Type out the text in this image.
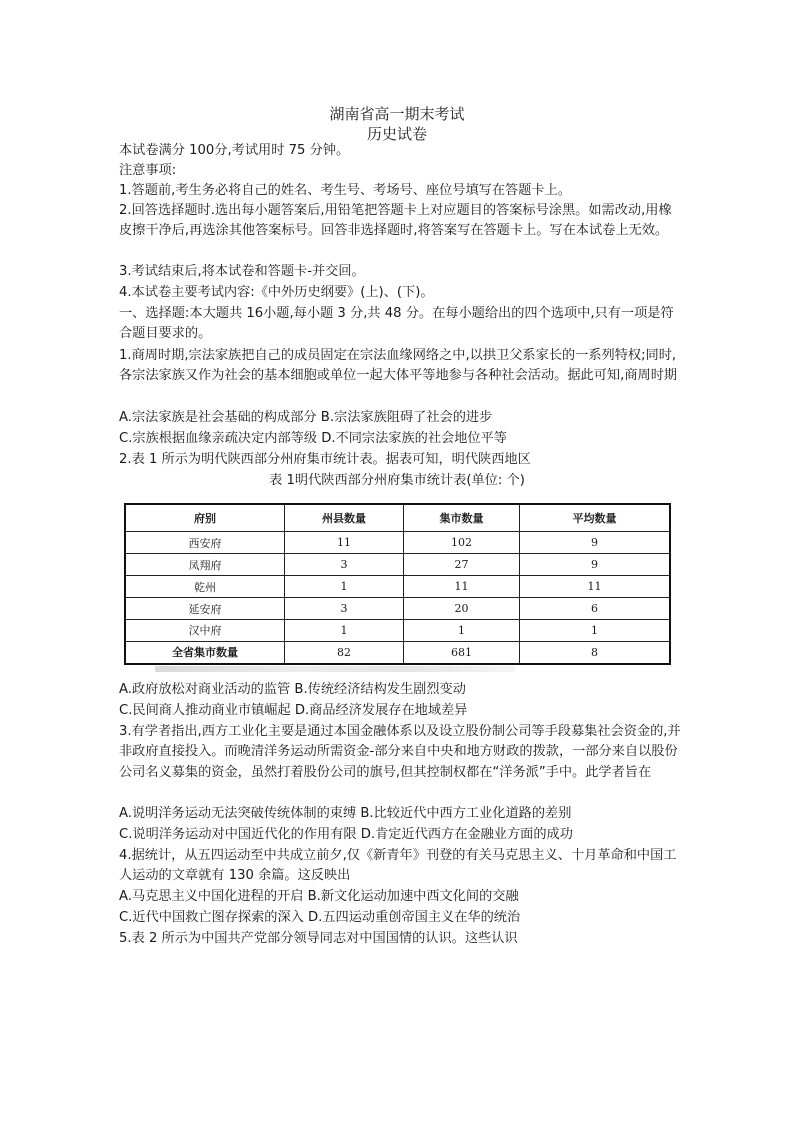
湖南省高一期末考试
历史试卷
本试卷满分 100分,考试用时 75 分钟。
注意事项:
1.答题前,考生务必将自己的姓名、考生号、考场号、座位号填写在答题卡上。
2.回答选择题时.选出每小题答案后,用铅笔把答题卡上对应题目的答案标号涂黑。如需改动,用橡皮擦干净后,再选涂其他答案标号。回答非选择题时,将答案写在答题卡上。写在本试卷上无效。
3.考试结束后,将本试卷和答题卡-并交回。
4.本试卷主要考试内容:《中外历史纲要》(上)、(下)。
一、选择题:本大题共 16小题,每小题 3 分,共 48 分。在每小题给出的四个选项中,只有一项是符合题目要求的。
1.商周时期,宗法家族把自己的成员固定在宗法血缘网络之中,以拱卫父系家长的一系列特权;同时,各宗法家族又作为社会的基本细胞或单位一起大体平等地参与各种社会活动。据此可知,商周时期
A.宗法家族是社会基础的构成部分 B.宗法家族阻碍了社会的进步
C.宗族根据血缘亲疏决定内部等级 D.不同宗法家族的社会地位平等
2.表 1 所示为明代陕西部分州府集市统计表。据表可知，明代陕西地区
表 1明代陕西部分州府集市统计表(单位: 个)
府别	州县数量	集市数量	平均数量
西安府	11	102	9
凤翔府	3	27	9
乾州	1	11	11
延安府	3	20	6
汉中府	1	1	1
全省集市数量	82	681	8
A.政府放松对商业活动的监管 B.传统经济结构发生剧烈变动
C.民间商人推动商业市镇崛起 D.商品经济发展存在地域差异
3.有学者指出,西方工业化主要是通过本国金融体系以及设立股份制公司等手段募集社会资金的,并非政府直接投入。而晚清洋务运动所需资金-部分来自中央和地方财政的拨款，一部分来自以股份公司名义募集的资金，虽然打着股份公司的旗号,但其控制权都在“洋务派”手中。此学者旨在
A.说明洋务运动无法突破传统体制的束缚 B.比较近代中西方工业化道路的差别
C.说明洋务运动对中国近代化的作用有限 D.肯定近代西方在金融业方面的成功
4.据统计，从五四运动至中共成立前夕,仅《新青年》刊登的有关马克思主义、十月革命和中国工人运动的文章就有 130 余篇。这反映出
A.马克思主义中国化进程的开启 B.新文化运动加速中西文化间的交融
C.近代中国救亡图存探索的深入 D.五四运动重创帝国主义在华的统治
5.表 2 所示为中国共产党部分领导同志对中国国情的认识。这些认识
